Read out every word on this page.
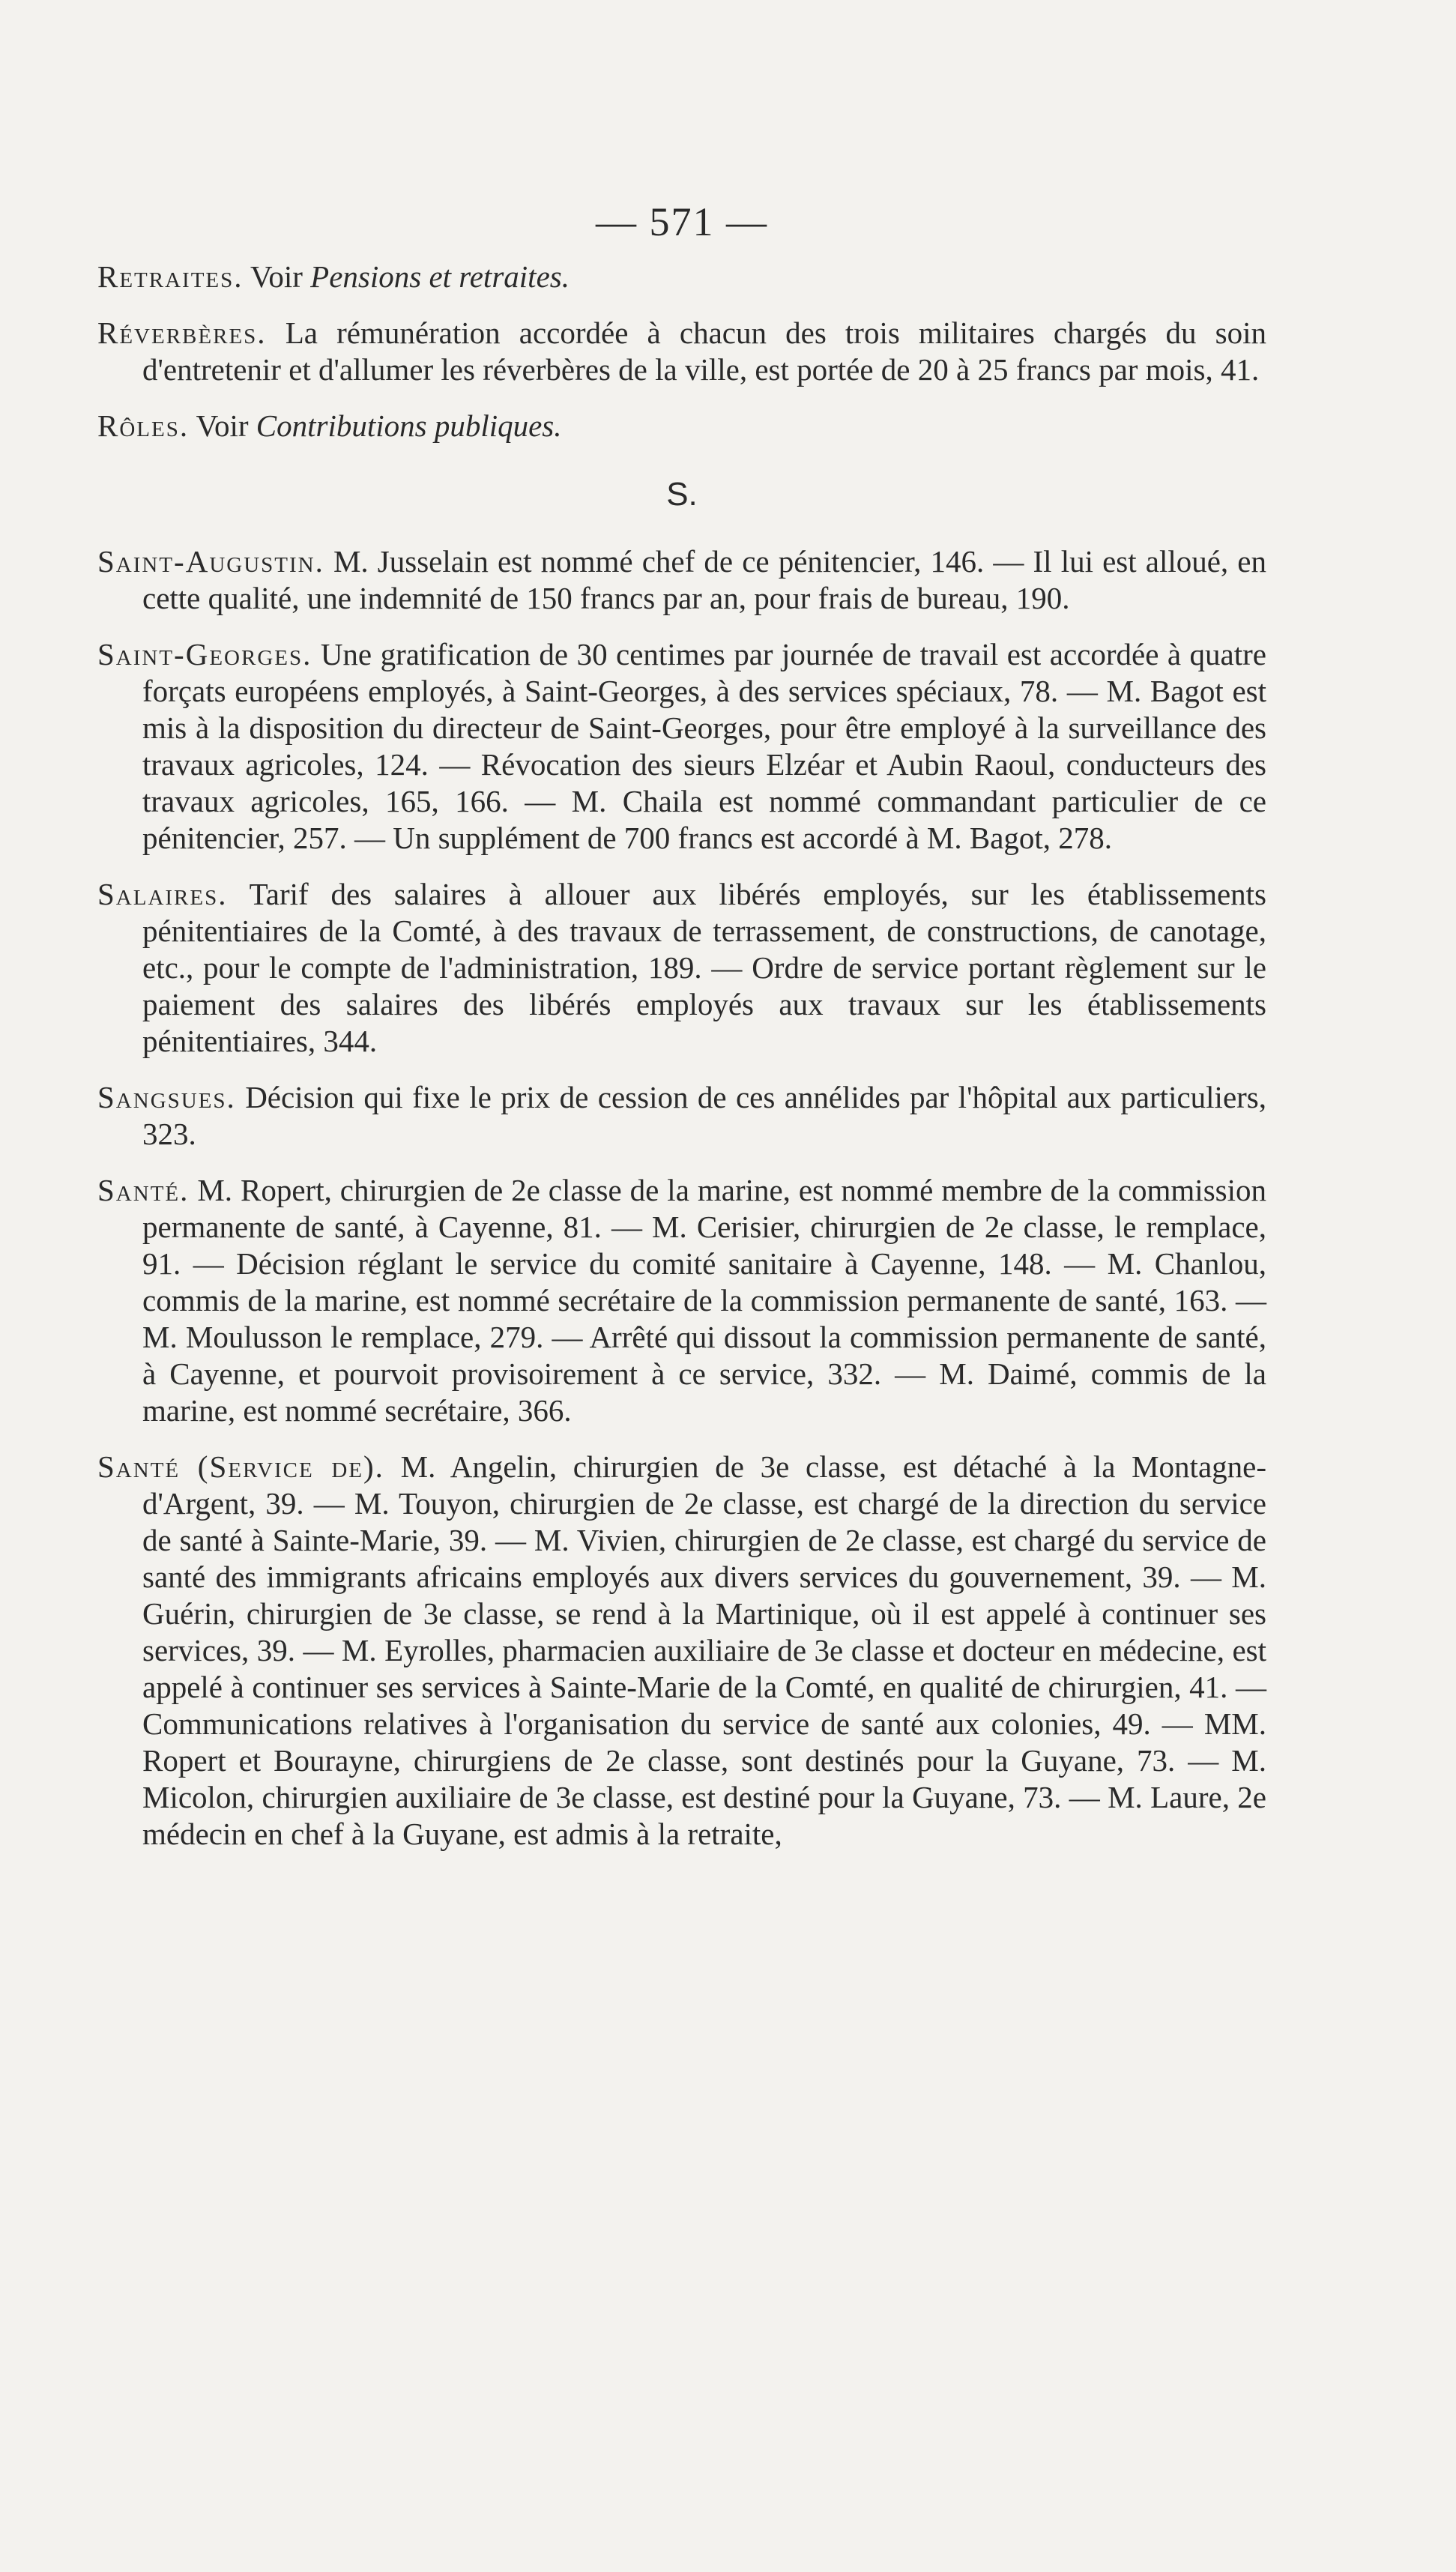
— 571 —

Retraites. Voir Pensions et retraites.

Réverbères. La rémunération accordée à chacun des trois militaires chargés du soin d'entretenir et d'allumer les réverbères de la ville, est portée de 20 à 25 francs par mois, 41.

Rôles. Voir Contributions publiques.

S.

Saint-Augustin. M. Jusselain est nommé chef de ce pénitencier, 146. — Il lui est alloué, en cette qualité, une indemnité de 150 francs par an, pour frais de bureau, 190.

Saint-Georges. Une gratification de 30 centimes par journée de travail est accordée à quatre forçats européens employés, à Saint-Georges, à des services spéciaux, 78. — M. Bagot est mis à la disposition du directeur de Saint-Georges, pour être employé à la surveillance des travaux agricoles, 124. — Révocation des sieurs Elzéar et Aubin Raoul, conducteurs des travaux agricoles, 165, 166. — M. Chaila est nommé commandant particulier de ce pénitencier, 257. — Un supplément de 700 francs est accordé à M. Bagot, 278.

Salaires. Tarif des salaires à allouer aux libérés employés, sur les établissements pénitentiaires de la Comté, à des travaux de terrassement, de constructions, de canotage, etc., pour le compte de l'administration, 189. — Ordre de service portant règlement sur le paiement des salaires des libérés employés aux travaux sur les établissements pénitentiaires, 344.

Sangsues. Décision qui fixe le prix de cession de ces annélides par l'hôpital aux particuliers, 323.

Santé. M. Ropert, chirurgien de 2e classe de la marine, est nommé membre de la commission permanente de santé, à Cayenne, 81. — M. Cerisier, chirurgien de 2e classe, le remplace, 91. — Décision réglant le service du comité sanitaire à Cayenne, 148. — M. Chanlou, commis de la marine, est nommé secrétaire de la commission permanente de santé, 163. — M. Moulusson le remplace, 279. — Arrêté qui dissout la commission permanente de santé, à Cayenne, et pourvoit provisoirement à ce service, 332. — M. Daimé, commis de la marine, est nommé secrétaire, 366.

Santé (Service de). M. Angelin, chirurgien de 3e classe, est détaché à la Montagne-d'Argent, 39. — M. Touyon, chirurgien de 2e classe, est chargé de la direction du service de santé à Sainte-Marie, 39. — M. Vivien, chirurgien de 2e classe, est chargé du service de santé des immigrants africains employés aux divers services du gouvernement, 39. — M. Guérin, chirurgien de 3e classe, se rend à la Martinique, où il est appelé à continuer ses services, 39. — M. Eyrolles, pharmacien auxiliaire de 3e classe et docteur en médecine, est appelé à continuer ses services à Sainte-Marie de la Comté, en qualité de chirurgien, 41. — Communications relatives à l'organisation du service de santé aux colonies, 49. — MM. Ropert et Bourayne, chirurgiens de 2e classe, sont destinés pour la Guyane, 73. — M. Micolon, chirurgien auxiliaire de 3e classe, est destiné pour la Guyane, 73. — M. Laure, 2e médecin en chef à la Guyane, est admis à la retraite,
